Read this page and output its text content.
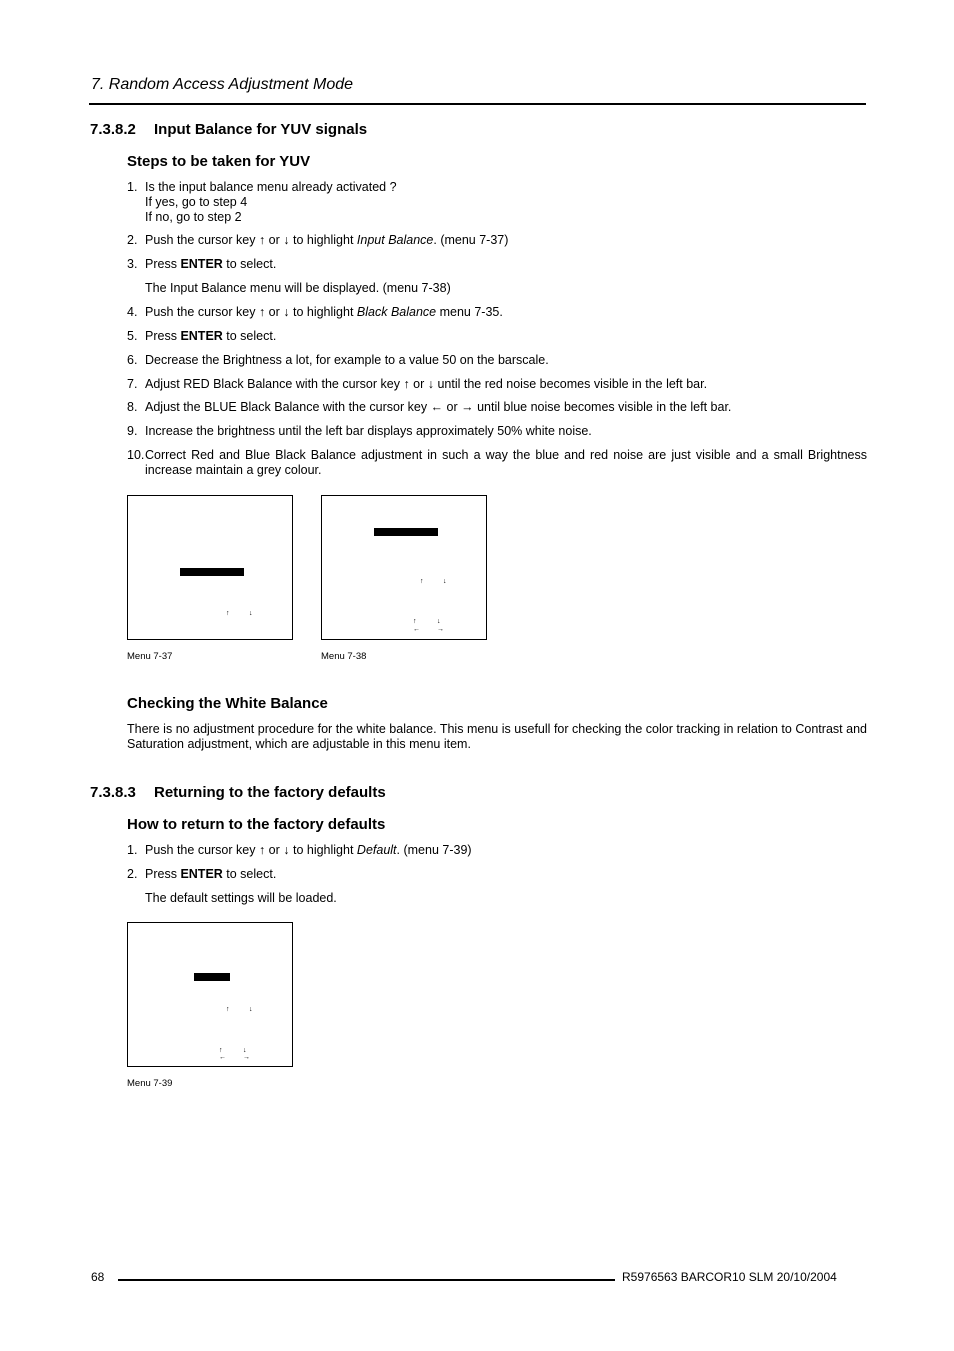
7. Random Access Adjustment Mode
7.3.8.2 Input Balance for YUV signals
Steps to be taken for YUV
1. Is the input balance menu already activated ?
If yes, go to step 4
If no, go to step 2
2. Push the cursor key ↑ or ↓ to highlight Input Balance. (menu 7-37)
3. Press ENTER to select.
The Input Balance menu will be displayed. (menu 7-38)
4. Push the cursor key ↑ or ↓ to highlight Black Balance menu 7-35.
5. Press ENTER to select.
6. Decrease the Brightness a lot, for example to a value 50 on the barscale.
7. Adjust RED Black Balance with the cursor key ↑ or ↓ until the red noise becomes visible in the left bar.
8. Adjust the BLUE Black Balance with the cursor key ← or → until blue noise becomes visible in the left bar.
9. Increase the brightness until the left bar displays approximately 50% white noise.
10. Correct Red and Blue Black Balance adjustment in such a way the blue and red noise are just visible and a small Brightness increase maintain a grey colour.
↑	↓
Menu 7-37
↑	↓
↑	↓
← →
Menu 7-38
Checking the White Balance
There is no adjustment procedure for the white balance. This menu is usefull for checking the color tracking in relation to Contrast and Saturation adjustment, which are adjustable in this menu item.
7.3.8.3 Returning to the factory defaults
How to return to the factory defaults
1. Push the cursor key ↑ or ↓ to highlight Default. (menu 7-39)
2. Press ENTER to select.
The default settings will be loaded.
↑	↓
↑	↓
← →
Menu 7-39
68	R5976563 BARCOR10 SLM 20/10/2004
